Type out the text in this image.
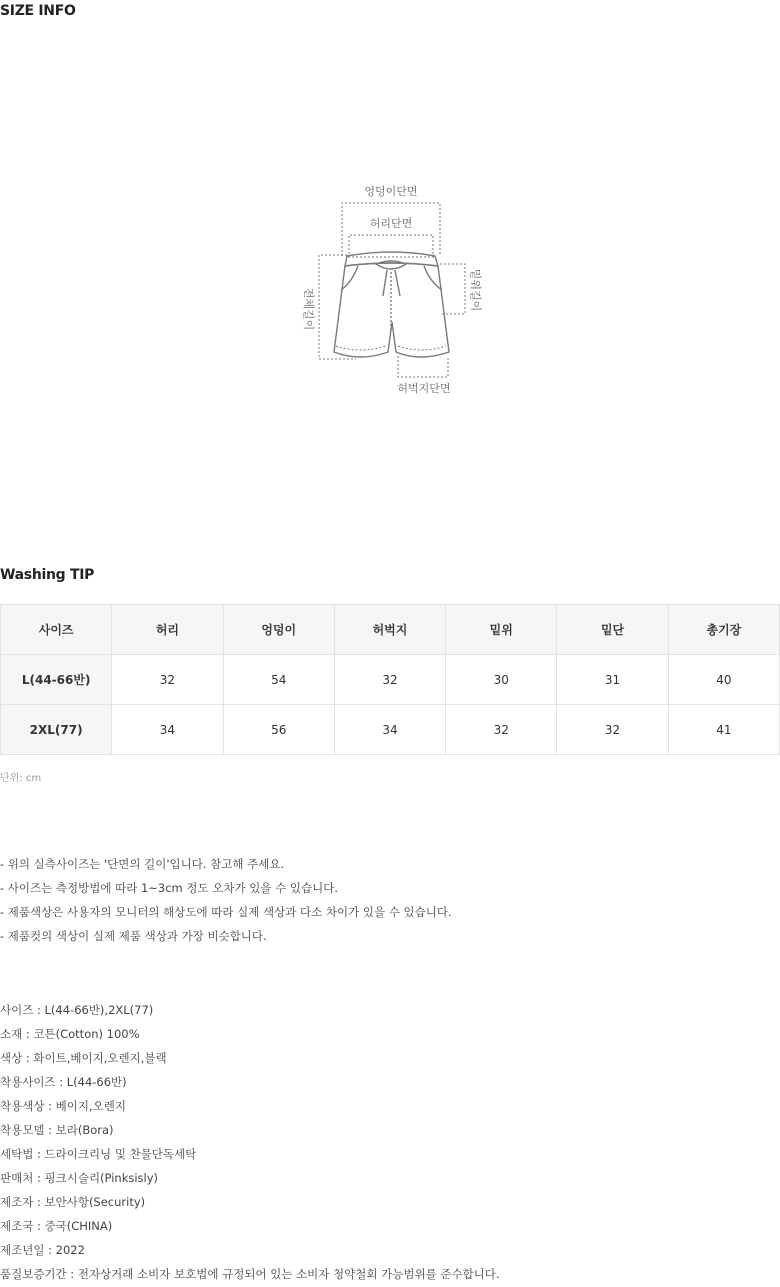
SIZE INFO
엉덩이단면
허리단면
허벅지단면
전체길이	밑위길이
Washing TIP
사이즈	허리	엉덩이	허벅지	밑위	밑단	총기장
L(44-66반)	32	54	32	30	31	40
2XL(77)	34	56	34	32	32	41
단위: cm
- 위의 실측사이즈는 '단면의 길이'입니다. 참고해 주세요.
- 사이즈는 측정방법에 따라 1~3cm 정도 오차가 있을 수 있습니다.
- 제품색상은 사용자의 모니터의 해상도에 따라 실제 색상과 다소 차이가 있을 수 있습니다.
- 제품컷의 색상이 실제 제품 색상과 가장 비슷합니다.
사이즈 : L(44-66반),2XL(77)
소재 : 코튼(Cotton) 100%
색상 : 화이트,베이지,오렌지,블랙
착용사이즈 : L(44-66반)
착용색상 : 베이지,오렌지
착용모델 : 보라(Bora)
세탁법 : 드라이크리닝 및 찬물단독세탁
판매처 : 핑크시슬리(Pinksisly)
제조자 : 보안사항(Security)
제조국 : 중국(CHINA)
제조년일 : 2022
품질보증기간 : 전자상거래 소비자 보호법에 규정되어 있는 소비자 청약철회 가능범위를 준수합니다.
